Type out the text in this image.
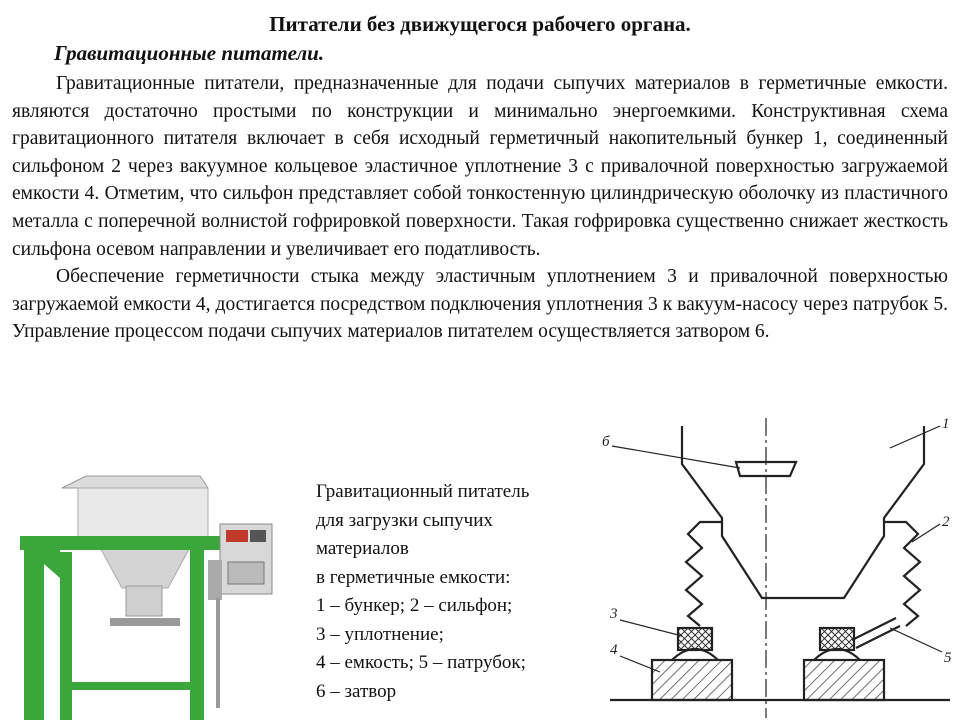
Питатели без движущегося рабочего органа.
Гравитационные питатели.

Гравитационные питатели, предназначенные для подачи сыпучих материалов в герметичные емкости. являются достаточно простыми по конструкции и минимально энергоемкими. Конструктивная схема гравитационного питателя включает в себя исходный герметичный накопительный бункер 1, соединенный сильфоном 2 через вакуумное кольцевое эластичное уплотнение 3 с привалочной поверхностью загружаемой емкости 4. Отметим, что сильфон представляет собой тонкостенную цилиндрическую оболочку из пластичного металла с поперечной волнистой гофрировкой поверхности. Такая гофрировка существенно снижает жесткость сильфона осевом направлении и увеличивает его податливость.

Обеспечение герметичности стыка между эластичным уплотнением 3 и привалочной поверхностью загружаемой емкости 4, достигается посредством подключения уплотнения 3 к вакуум-насосу через патрубок 5. Управление процессом подачи сыпучих материалов питателем осуществляется затвором 6.

Гравитационный питатель
для загрузки сыпучих
материалов
в герметичные емкости:
1 – бункер; 2 – сильфон;
3 – уплотнение;
4 – емкость; 5 – патрубок;
6 – затвор
б
1
2
3
4	5
